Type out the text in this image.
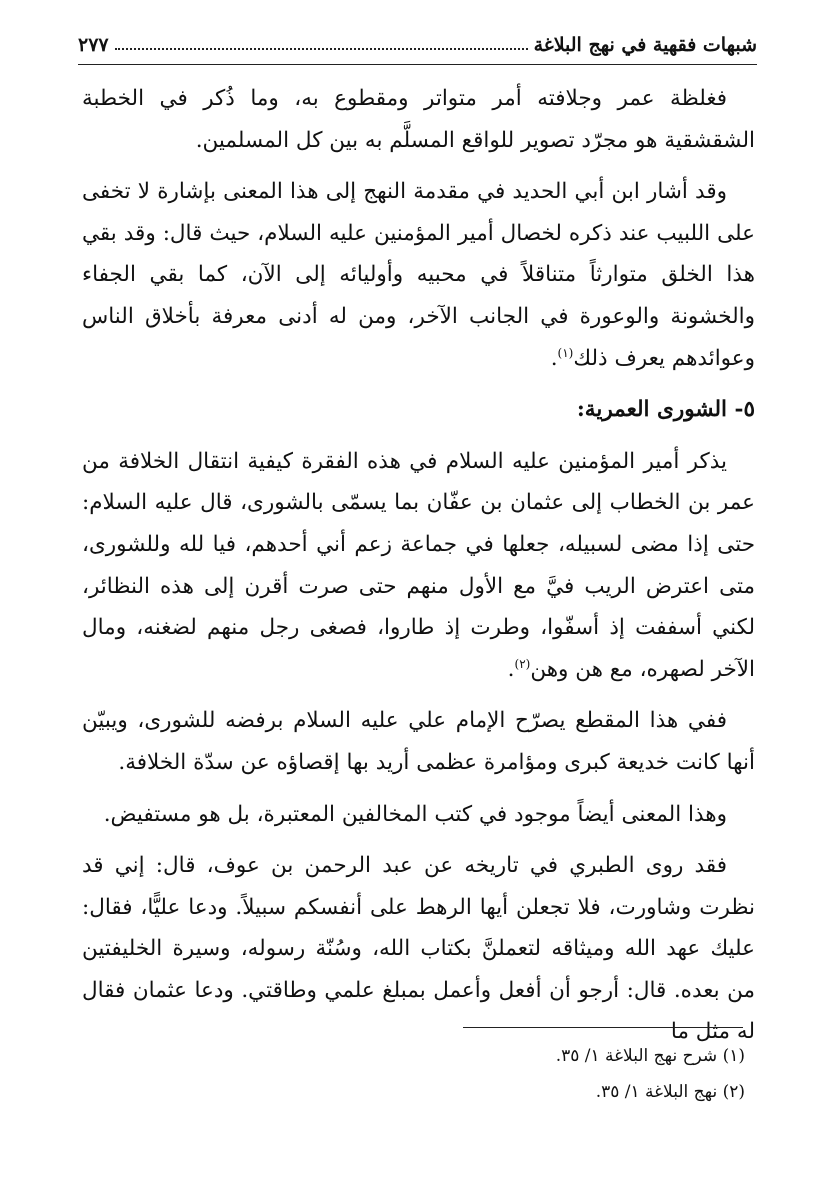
شبهات فقهية في نهج البلاغة
٢٧٧

فغلظة عمر وجلافته أمر متواتر ومقطوع به، وما ذُكر في الخطبة الشقشقية هو مجرّد تصوير للواقع المسلَّم به بين كل المسلمين.

وقد أشار ابن أبي الحديد في مقدمة النهج إلى هذا المعنى بإشارة لا تخفى على اللبيب عند ذكره لخصال أمير المؤمنين عليه السلام، حيث قال: وقد بقي هذا الخلق متوارثاً متناقلاً في محبيه وأوليائه إلى الآن، كما بقي الجفاء والخشونة والوعورة في الجانب الآخر، ومن له أدنى معرفة بأخلاق الناس وعوائدهم يعرف ذلك$^{(١)}$.

٥- الشورى العمرية:

يذكر أمير المؤمنين عليه السلام في هذه الفقرة كيفية انتقال الخلافة من عمر بن الخطاب إلى عثمان بن عفّان بما يسمّى بالشورى، قال عليه السلام: حتى إذا مضى لسبيله، جعلها في جماعة زعم أني أحدهم، فيا لله وللشورى، متى اعترض الريب فيَّ مع الأول منهم حتى صرت أقرن إلى هذه النظائر، لكني أسففت إذ أسفّوا، وطرت إذ طاروا، فصغى رجل منهم لضغنه، ومال الآخر لصهره، مع هن وهن$^{(٢)}$.

ففي هذا المقطع يصرّح الإمام علي عليه السلام برفضه للشورى، ويبيّن أنها كانت خديعة كبرى ومؤامرة عظمى أريد بها إقصاؤه عن سدّة الخلافة.

وهذا المعنى أيضاً موجود في كتب المخالفين المعتبرة، بل هو مستفيض.

فقد روى الطبري في تاريخه عن عبد الرحمن بن عوف، قال: إني قد نظرت وشاورت، فلا تجعلن أيها الرهط على أنفسكم سبيلاً. ودعا عليًّا، فقال: عليك عهد الله وميثاقه لتعملنَّ بكتاب الله، وسُنّة رسوله، وسيرة الخليفتين من بعده. قال: أرجو أن أفعل وأعمل بمبلغ علمي وطاقتي. ودعا عثمان فقال له مثل ما

(١) شرح نهج البلاغة ١/ ٣٥.
(٢) نهج البلاغة ١/ ٣٥.
